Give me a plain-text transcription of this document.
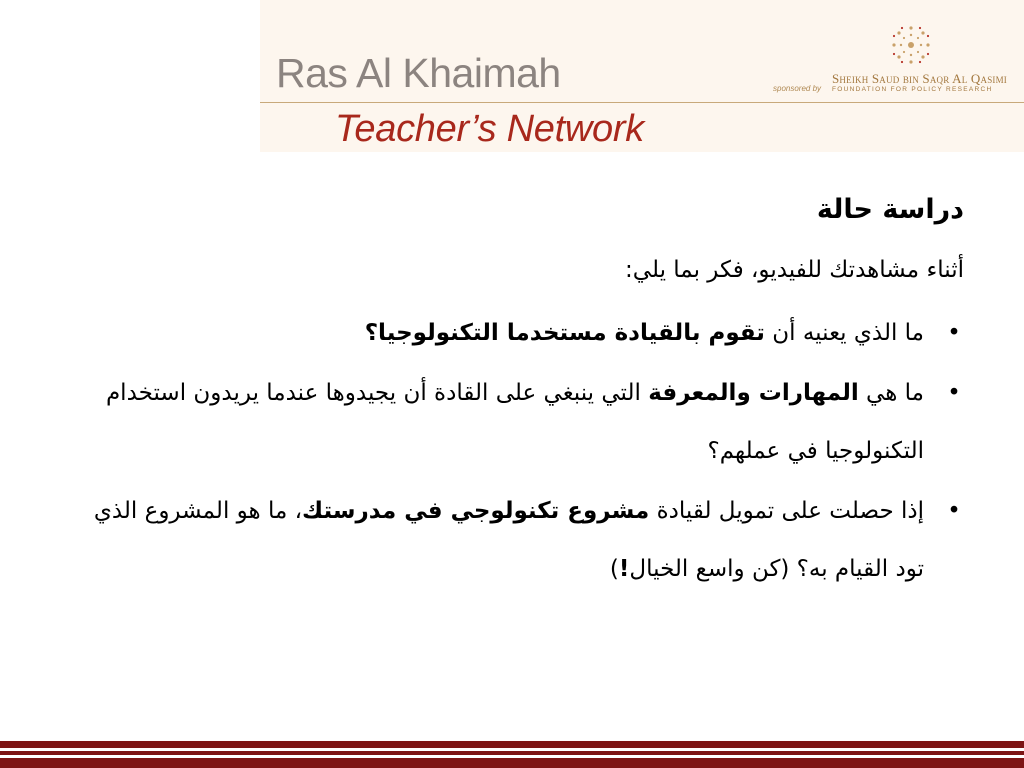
Ras Al Khaimah
Teacher’s Network
sponsored by
Sheikh Saud bin Saqr Al Qasimi
FOUNDATION FOR POLICY RESEARCH
دراسة حالة
أثناء مشاهدتك للفيديو، فكر بما يلي:
•
ما الذي يعنيه أن تقوم بالقيادة مستخدما التكنولوجيا؟
•
ما هي المهارات والمعرفة التي ينبغي على القادة أن يجيدوها عندما يريدون استخدام التكنولوجيا في عملهم؟
•
إذا حصلت على تمويل لقيادة مشروع تكنولوجي في مدرستك، ما هو المشروع الذي تود القيام به؟ (كن واسع الخيال!)
